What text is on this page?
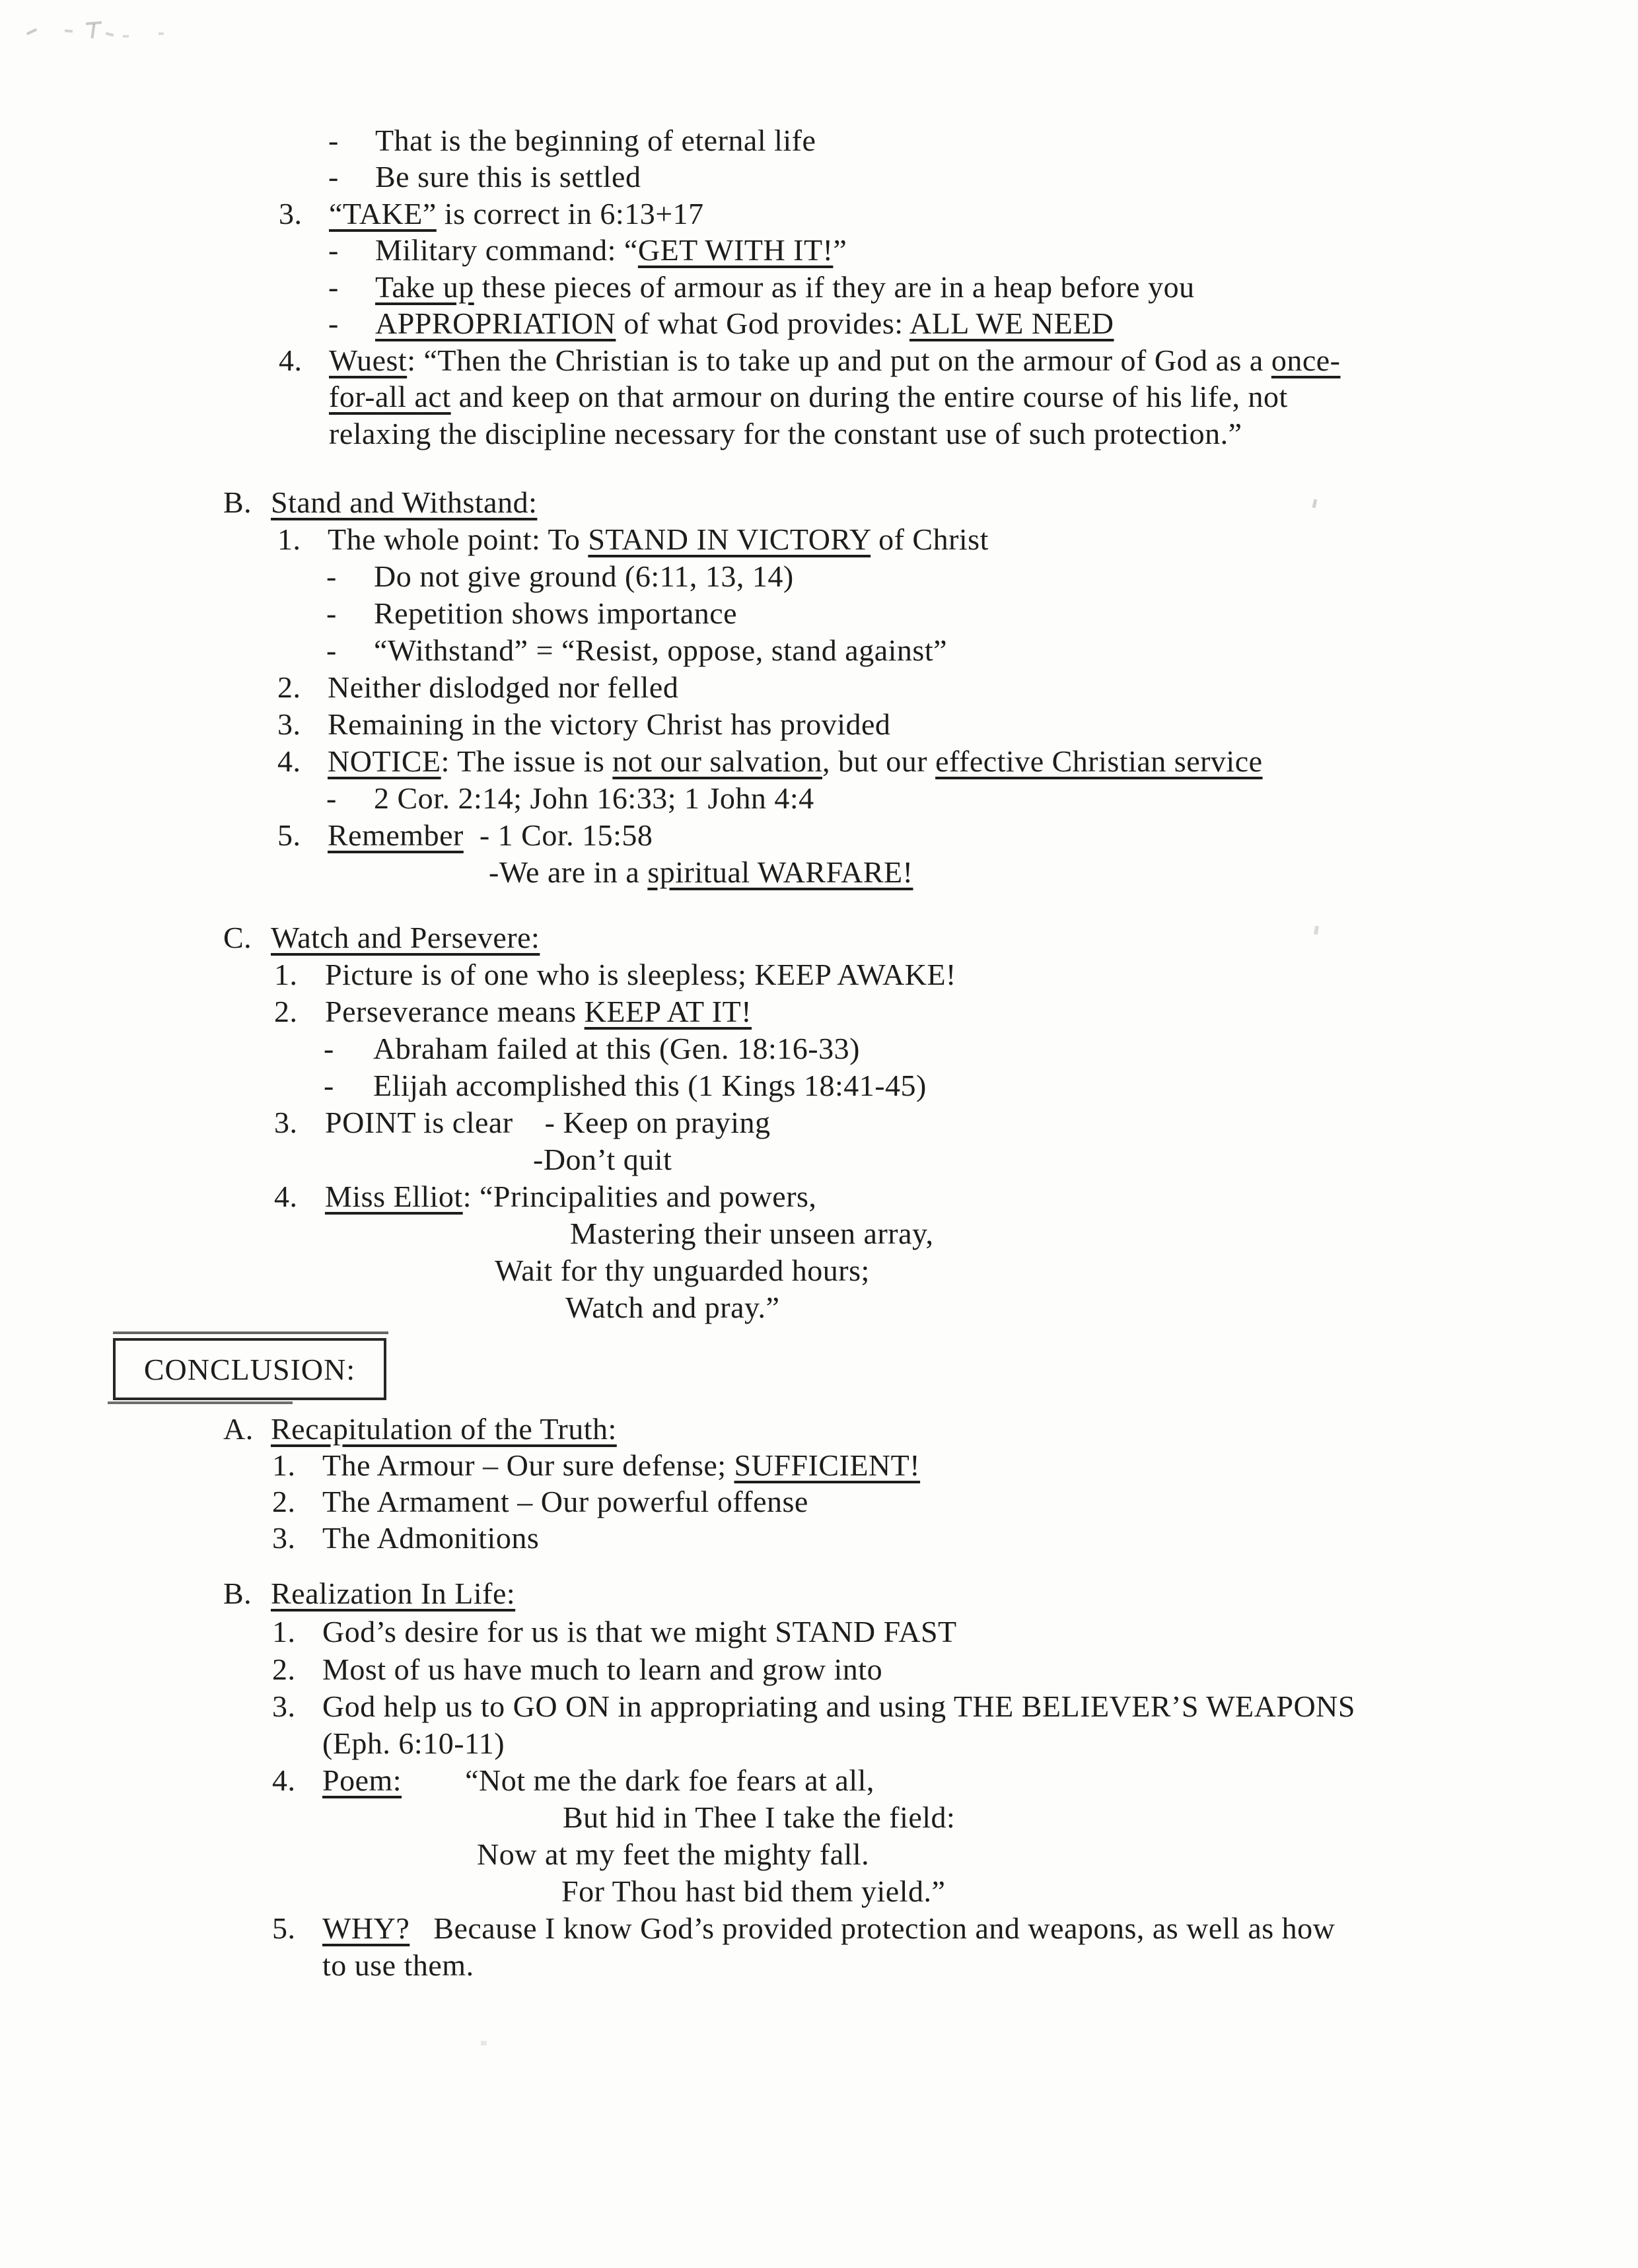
CONCLUSION:
- That is the beginning of eternal life
- Be sure this is settled
3. “TAKE” is correct in 6:13+17
- Military command: “GET WITH IT!”
- Take up these pieces of armour as if they are in a heap before you
- APPROPRIATION of what God provides: ALL WE NEED
4. Wuest: “Then the Christian is to take up and put on the armour of God as a once-
for-all act and keep on that armour on during the entire course of his life, not
relaxing the discipline necessary for the constant use of such protection.”
B. Stand and Withstand:
1. The whole point: To STAND IN VICTORY of Christ
- Do not give ground (6:11, 13, 14)
- Repetition shows importance
- “Withstand” = “Resist, oppose, stand against”
2. Neither dislodged nor felled
3. Remaining in the victory Christ has provided
4. NOTICE: The issue is not our salvation, but our effective Christian service
- 2 Cor. 2:14; John 16:33; 1 John 4:4
5. Remember  - 1 Cor. 15:58
-We are in a spiritual WARFARE!
C. Watch and Persevere:
1. Picture is of one who is sleepless; KEEP AWAKE!
2. Perseverance means KEEP AT IT!
- Abraham failed at this (Gen. 18:16-33)
- Elijah accomplished this (1 Kings 18:41-45)
3. POINT is clear    - Keep on praying
-Don’t quit
4. Miss Elliot: “Principalities and powers,
Mastering their unseen array,
Wait for thy unguarded hours;
Watch and pray.”
A. Recapitulation of the Truth:
1. The Armour – Our sure defense; SUFFICIENT!
2. The Armament – Our powerful offense
3. The Admonitions
B. Realization In Life:
1. God’s desire for us is that we might STAND FAST
2. Most of us have much to learn and grow into
3. God help us to GO ON in appropriating and using THE BELIEVER’S WEAPONS
(Eph. 6:10-11)
4. Poem:        “Not me the dark foe fears at all,
But hid in Thee I take the field:
Now at my feet the mighty fall.
For Thou hast bid them yield.”
5. WHY?   Because I know God’s provided protection and weapons, as well as how
to use them.
